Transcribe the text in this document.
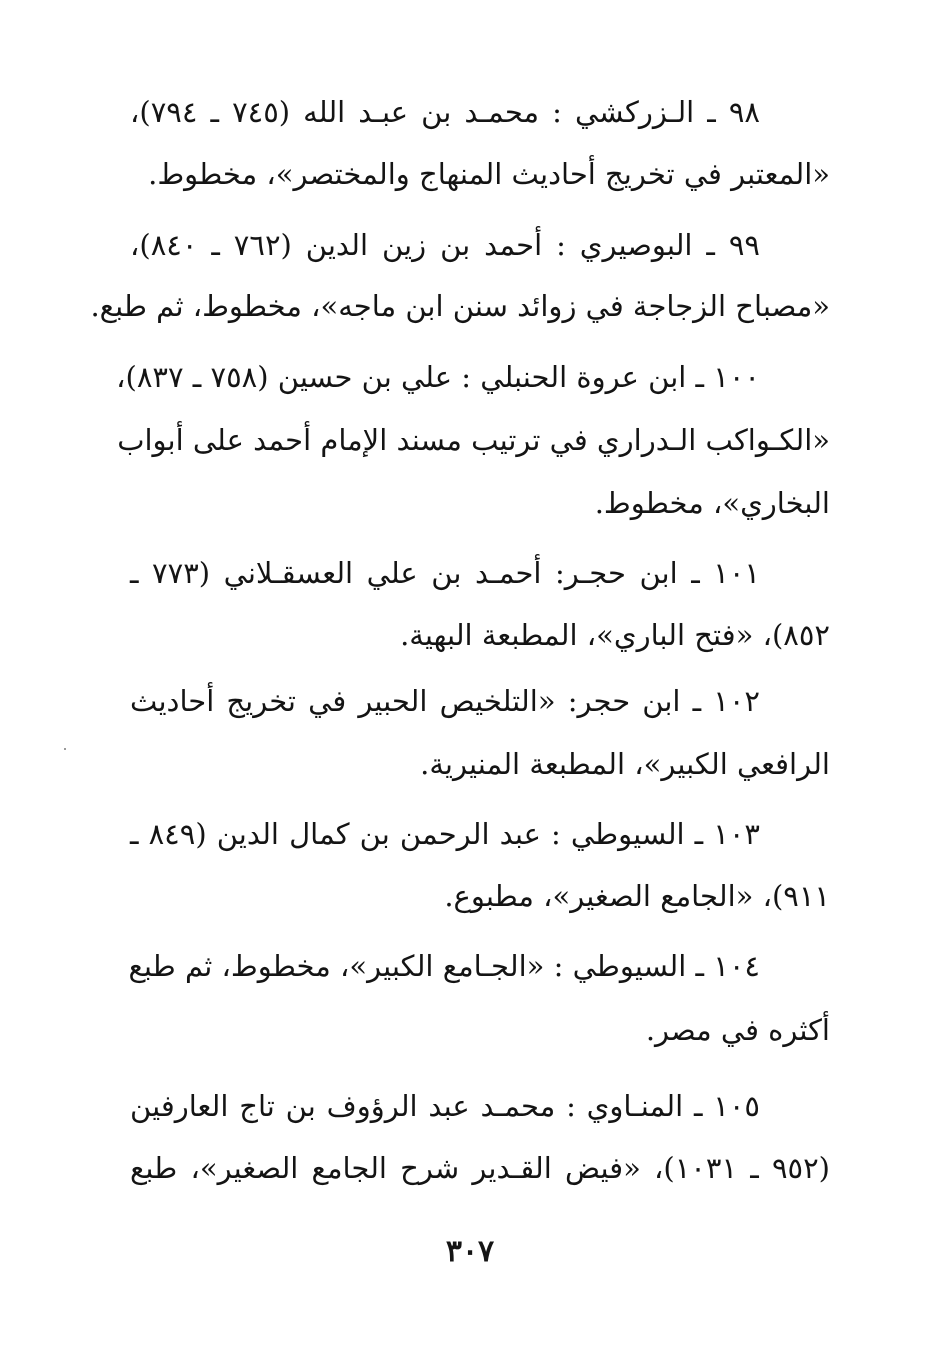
٩٨ ـ الـزركشي : محمـد بن عبـد الله (٧٤٥ ـ ٧٩٤)،
«المعتبر في تخريج أحاديث المنهاج والمختصر»، مخطوط.
٩٩ ـ البوصيري : أحمد بن زين الدين (٧٦٢ ـ ٨٤٠)،
«مصباح الزجاجة في زوائد سنن ابن ماجه»، مخطوط، ثم طبع.
١٠٠ ـ ابن عروة الحنبلي : علي بن حسين (٧٥٨ ـ ٨٣٧)،
«الكـواكب الـدراري في ترتيب مسند الإمام أحمد على أبواب
البخاري»، مخطوط.
١٠١ ـ ابن حجـر: أحمـد بن علي العسقـلاني (٧٧٣ ـ
٨٥٢)، «فتح الباري»، المطبعة البهية.
١٠٢ ـ ابن حجر: «التلخيص الحبير في تخريج أحاديث
الرافعي الكبير»، المطبعة المنيرية.
١٠٣ ـ السيوطي : عبد الرحمن بن كمال الدين (٨٤٩ ـ
٩١١)، «الجامع الصغير»، مطبوع.
١٠٤ ـ السيوطي : «الجـامع الكبير»، مخطوط، ثم طبع
أكثره في مصر.
١٠٥ ـ المنـاوي : محمـد عبد الرؤوف بن تاج العارفين
(٩٥٢ ـ ١٠٣١)، «فيض القـدير شرح الجامع الصغير»، طبع
٣٠٧
